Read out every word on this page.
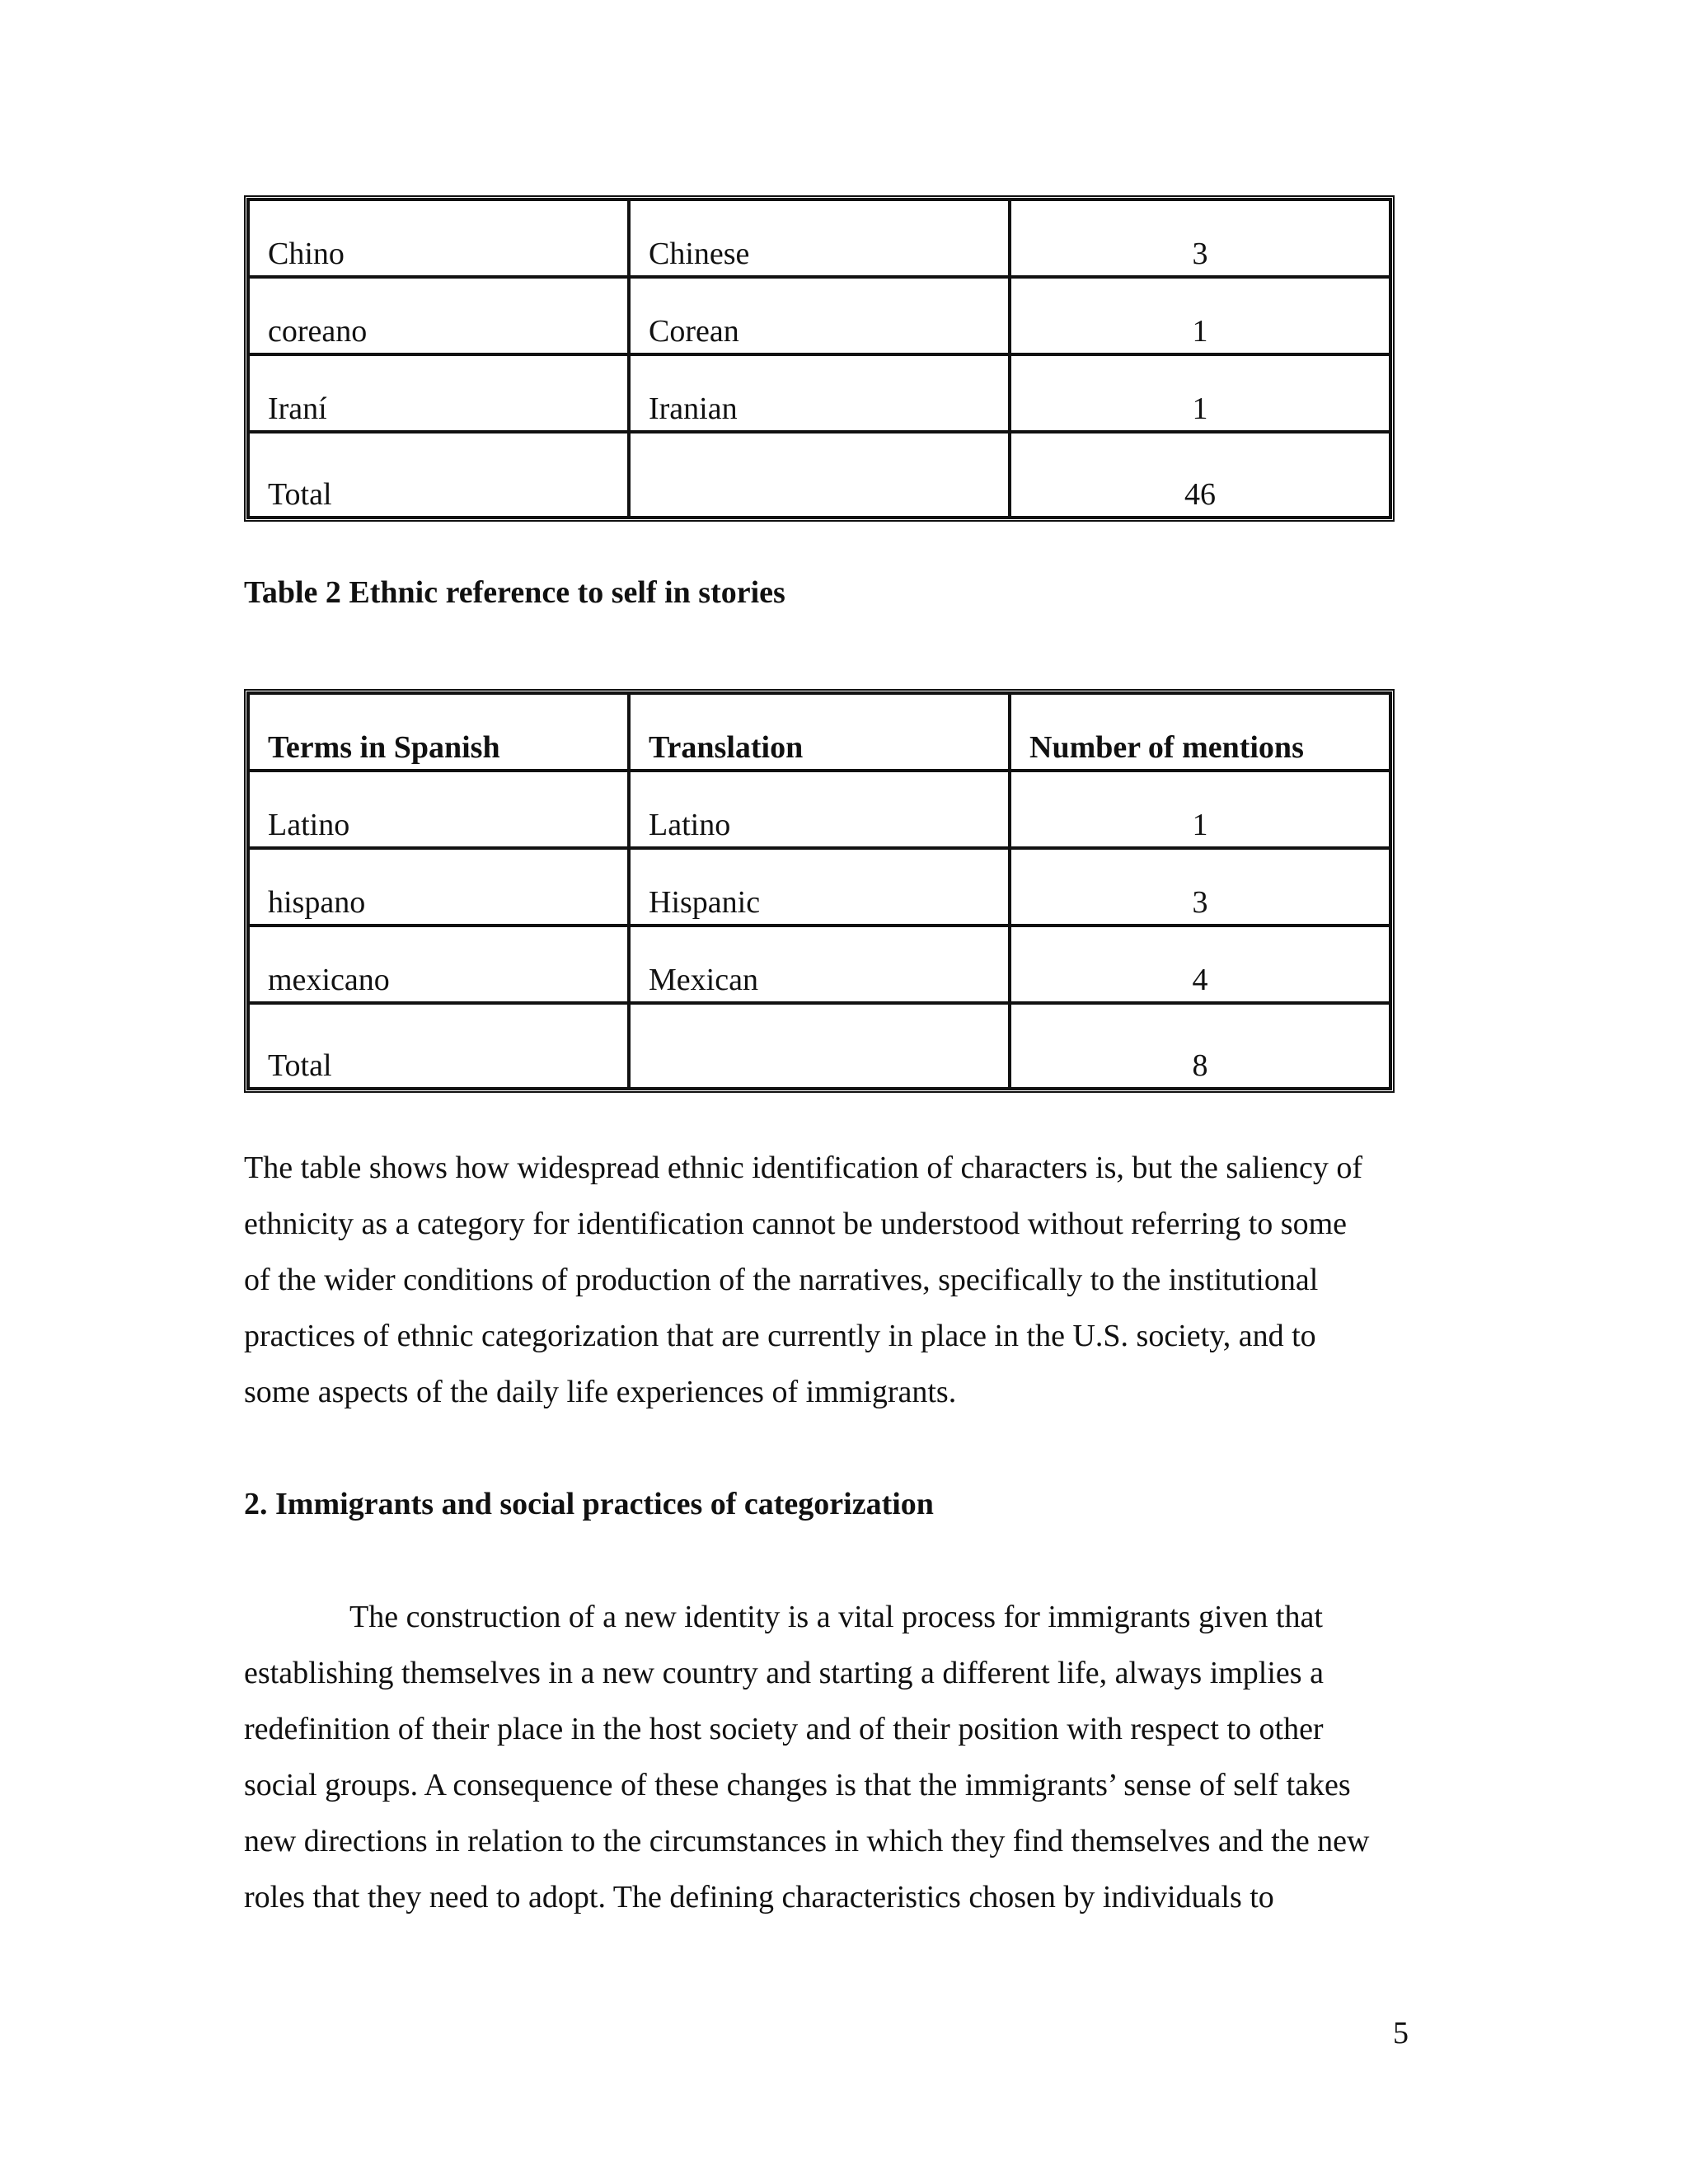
Chino	Chinese	3
coreano	Corean	1
Iraní	Iranian	1
Total		46
Table 2 Ethnic reference to self in stories
Terms in Spanish	Translation	Number of mentions
Latino	Latino	1
hispano	Hispanic	3
mexicano	Mexican	4
Total		8
The table shows how widespread ethnic identification of characters is, but the saliency of
ethnicity as a category for identification cannot be understood without referring to some
of the wider conditions of production of the narratives, specifically to the institutional
practices of ethnic categorization that are currently in place in the U.S. society, and to
some aspects of the daily life experiences of immigrants.
2. Immigrants and social practices of categorization
The construction of a new identity is a vital process for immigrants given that
establishing themselves in a new country and starting a different life, always implies a
redefinition of their place in the host society and of their position with respect to other
social groups. A consequence of these changes is that the immigrants’ sense of self takes
new directions in relation to the circumstances in which they find themselves and the new
roles that they need to adopt. The defining characteristics chosen by individuals to
5
